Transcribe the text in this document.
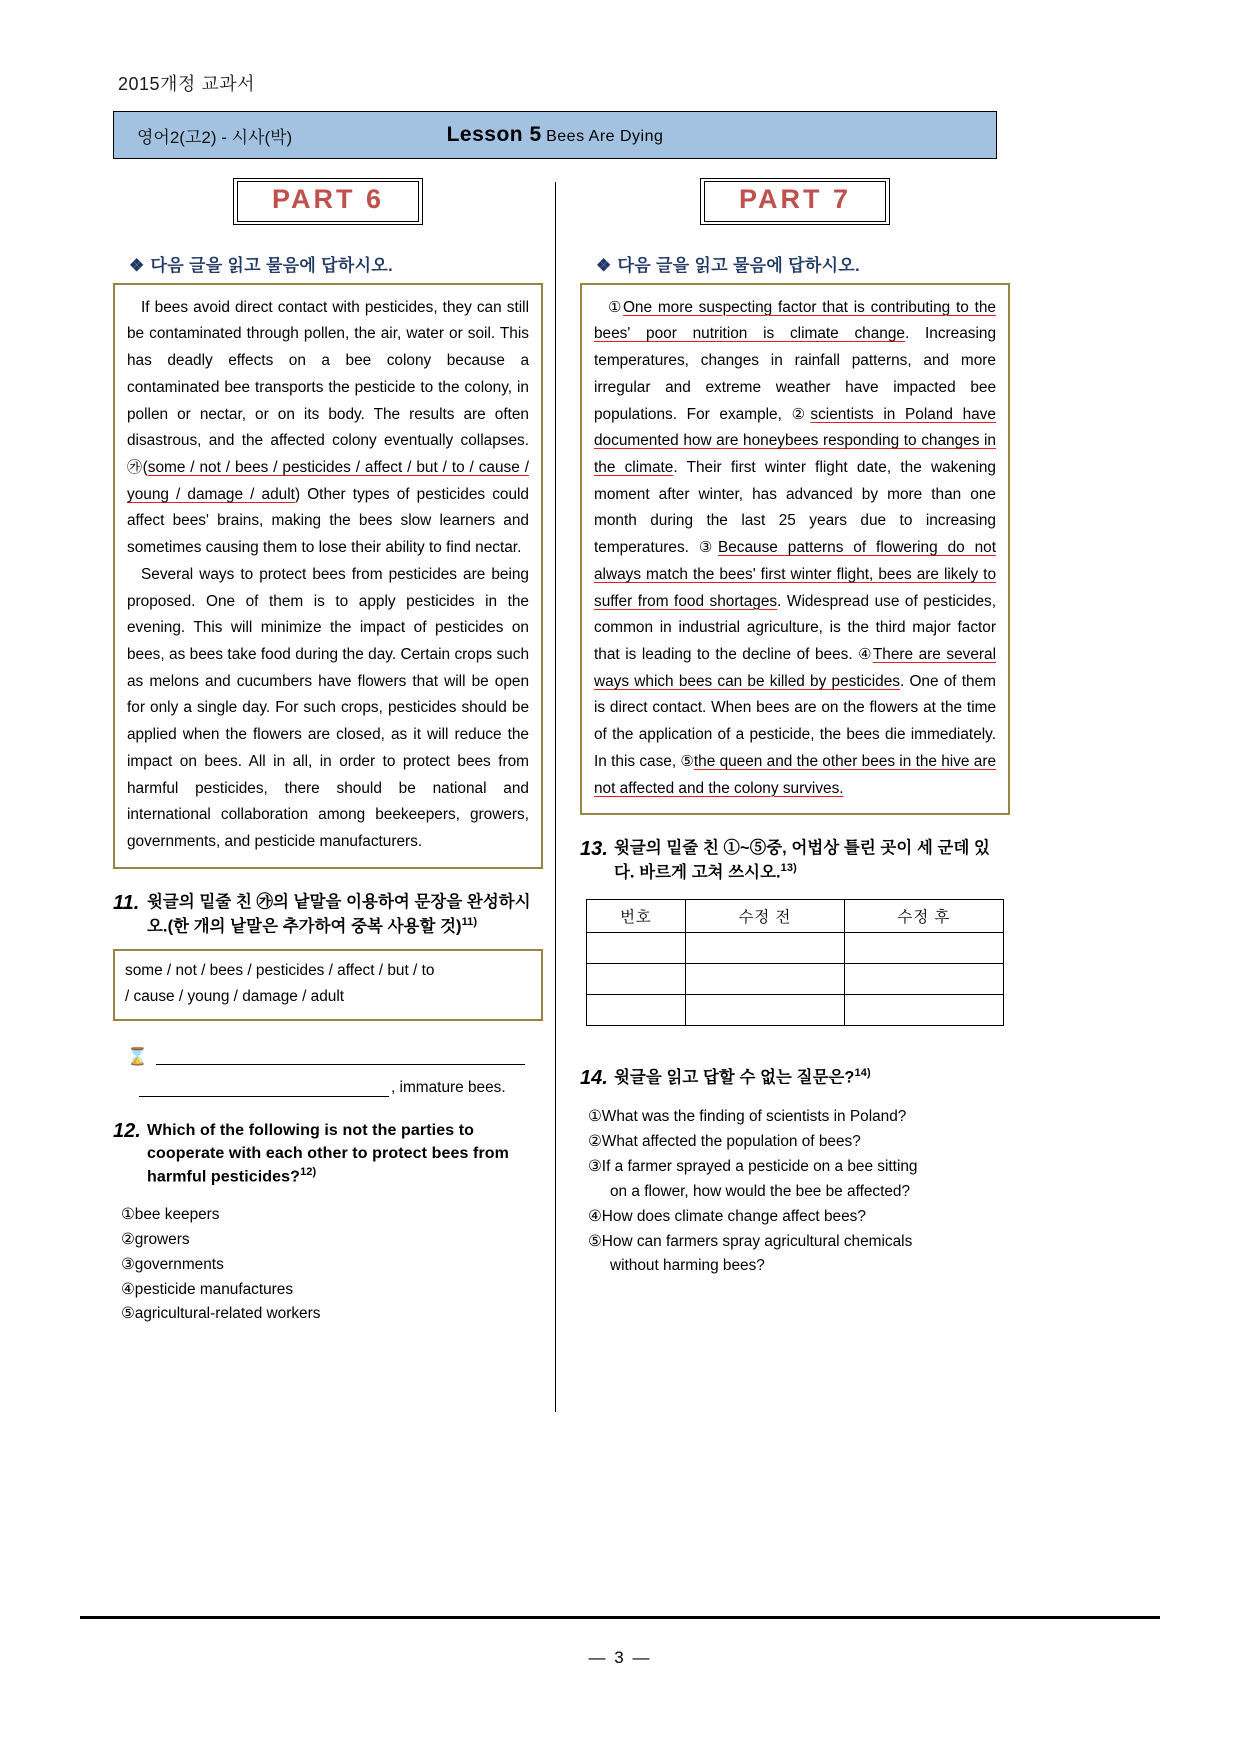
2015개정 교과서
영어2(고2) - 시사(박)	Lesson 5 Bees Are Dying
PART 6
❖ 다음 글을 읽고 물음에 답하시오.

If bees avoid direct contact with pesticides, they can still be contaminated through pollen, the air, water or soil. This has deadly effects on a bee colony because a contaminated bee transports the pesticide to the colony, in pollen or nectar, or on its body. The results are often disastrous, and the affected colony eventually collapses. ㉮(some / not / bees / pesticides / affect / but / to / cause / young / damage / adult) Other types of pesticides could affect bees' brains, making the bees slow learners and sometimes causing them to lose their ability to find nectar.

Several ways to protect bees from pesticides are being proposed. One of them is to apply pesticides in the evening. This will minimize the impact of pesticides on bees, as bees take food during the day. Certain crops such as melons and cucumbers have flowers that will be open for only a single day. For such crops, pesticides should be applied when the flowers are closed, as it will reduce the impact on bees. All in all, in order to protect bees from harmful pesticides, there should be national and international collaboration among beekeepers, growers, governments, and pesticide manufacturers.

11. 윗글의 밑줄 친 ㉮의 낱말을 이용하여 문장을 완성하시오.(한 개의 낱말은 추가하여 중복 사용할 것)$^{11)}$
some / not / bees / pesticides / affect / but / to
/ cause / young / damage / adult
⌛
, immature bees.
12. Which of the following is not the parties to cooperate with each other to protect bees from harmful pesticides?$^{12)}$
①bee keepers
②growers
③governments
④pesticide manufactures
⑤agricultural-related workers
PART 7
❖ 다음 글을 읽고 물음에 답하시오.

①One more suspecting factor that is contributing to the bees' poor nutrition is climate change. Increasing temperatures, changes in rainfall patterns, and more irregular and extreme weather have impacted bee populations. For example, ②scientists in Poland have documented how are honeybees responding to changes in the climate. Their first winter flight date, the wakening moment after winter, has advanced by more than one month during the last 25 years due to increasing temperatures. ③Because patterns of flowering do not always match the bees' first winter flight, bees are likely to suffer from food shortages. Widespread use of pesticides, common in industrial agriculture, is the third major factor that is leading to the decline of bees. ④There are several ways which bees can be killed by pesticides. One of them is direct contact. When bees are on the flowers at the time of the application of a pesticide, the bees die immediately. In this case, ⑤the queen and the other bees in the hive are not affected and the colony survives.

13. 윗글의 밑줄 친 ①~⑤중, 어법상 틀린 곳이 세 군데 있다. 바르게 고쳐 쓰시오.$^{13)}$
번호	수정 전	수정 후

14. 윗글을 읽고 답할 수 없는 질문은?$^{14)}$
①What was the finding of scientists in Poland?
②What affected the population of bees?
③If a farmer sprayed a pesticide on a bee sitting
on a flower, how would the bee be affected?
④How does climate change affect bees?
⑤How can farmers spray agricultural chemicals
without harming bees?
― 3 ―
